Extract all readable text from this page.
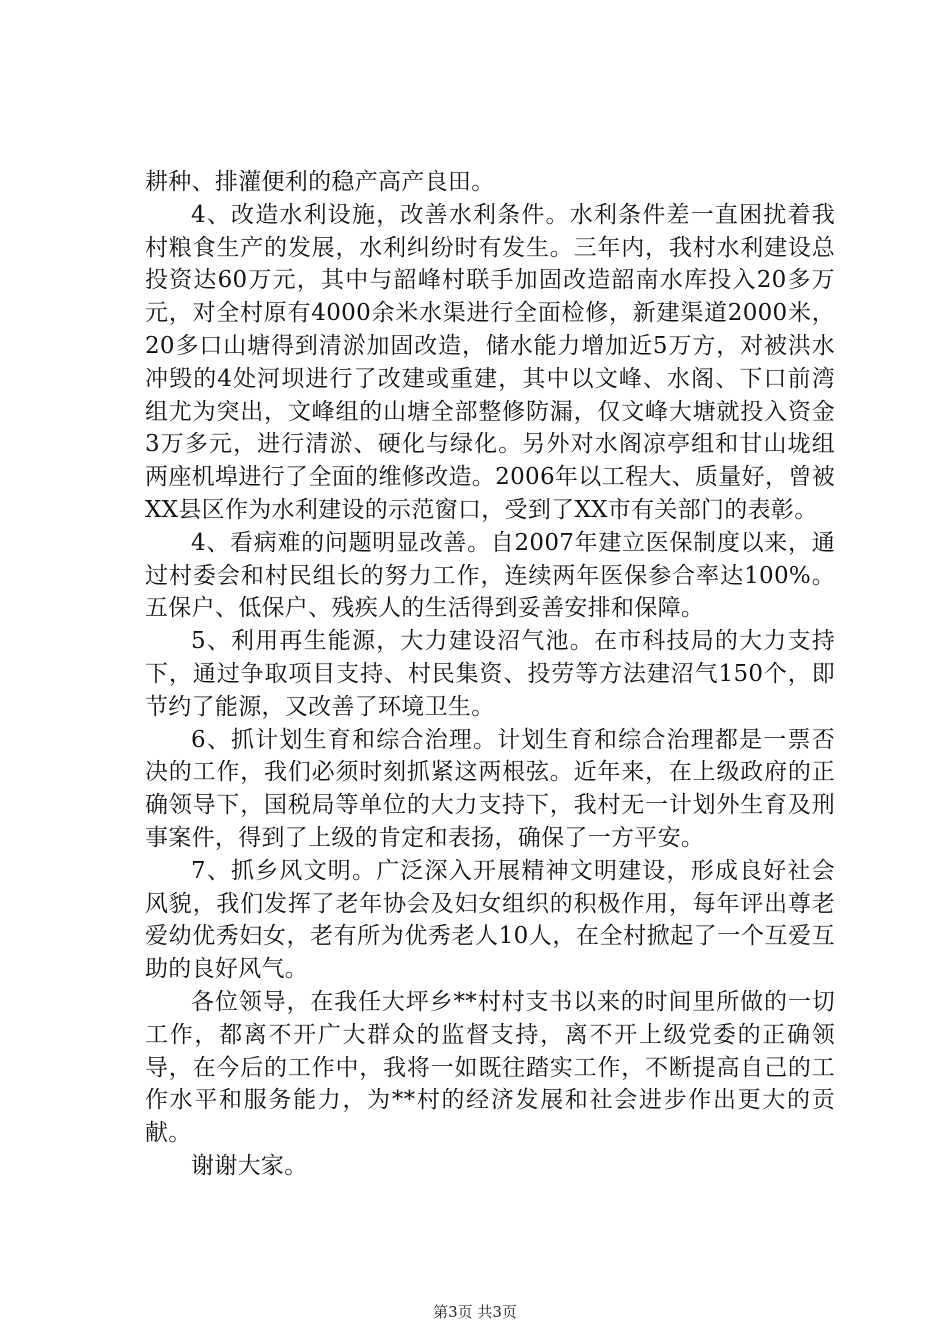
耕种、排灌便利的稳产高产良田。

4、改造水利设施，改善水利条件。水利条件差一直困扰着我村粮食生产的发展，水利纠纷时有发生。三年内，我村水利建设总投资达60万元，其中与韶峰村联手加固改造韶南水库投入20多万元，对全村原有4000余米水渠进行全面检修，新建渠道2000米，20多口山塘得到清淤加固改造，储水能力增加近5万方，对被洪水冲毁的4处河坝进行了改建或重建，其中以文峰、水阁、下口前湾组尤为突出，文峰组的山塘全部整修防漏，仅文峰大塘就投入资金3万多元，进行清淤、硬化与绿化。另外对水阁凉亭组和甘山垅组两座机埠进行了全面的维修改造。2006年以工程大、质量好，曾被XX县区作为水利建设的示范窗口，受到了XX市有关部门的表彰。

4、看病难的问题明显改善。自2007年建立医保制度以来，通过村委会和村民组长的努力工作，连续两年医保参合率达100%。五保户、低保户、残疾人的生活得到妥善安排和保障。

5、利用再生能源，大力建设沼气池。在市科技局的大力支持下，通过争取项目支持、村民集资、投劳等方法建沼气150个，即节约了能源，又改善了环境卫生。

6、抓计划生育和综合治理。计划生育和综合治理都是一票否决的工作，我们必须时刻抓紧这两根弦。近年来，在上级政府的正确领导下，国税局等单位的大力支持下，我村无一计划外生育及刑事案件，得到了上级的肯定和表扬，确保了一方平安。

7、抓乡风文明。广泛深入开展精神文明建设，形成良好社会风貌，我们发挥了老年协会及妇女组织的积极作用，每年评出尊老爱幼优秀妇女，老有所为优秀老人10人，在全村掀起了一个互爱互助的良好风气。

各位领导，在我任大坪乡**村村支书以来的时间里所做的一切工作，都离不开广大群众的监督支持，离不开上级党委的正确领导，在今后的工作中，我将一如既往踏实工作，不断提高自己的工作水平和服务能力，为**村的经济发展和社会进步作出更大的贡献。

谢谢大家。

第3页 共3页
